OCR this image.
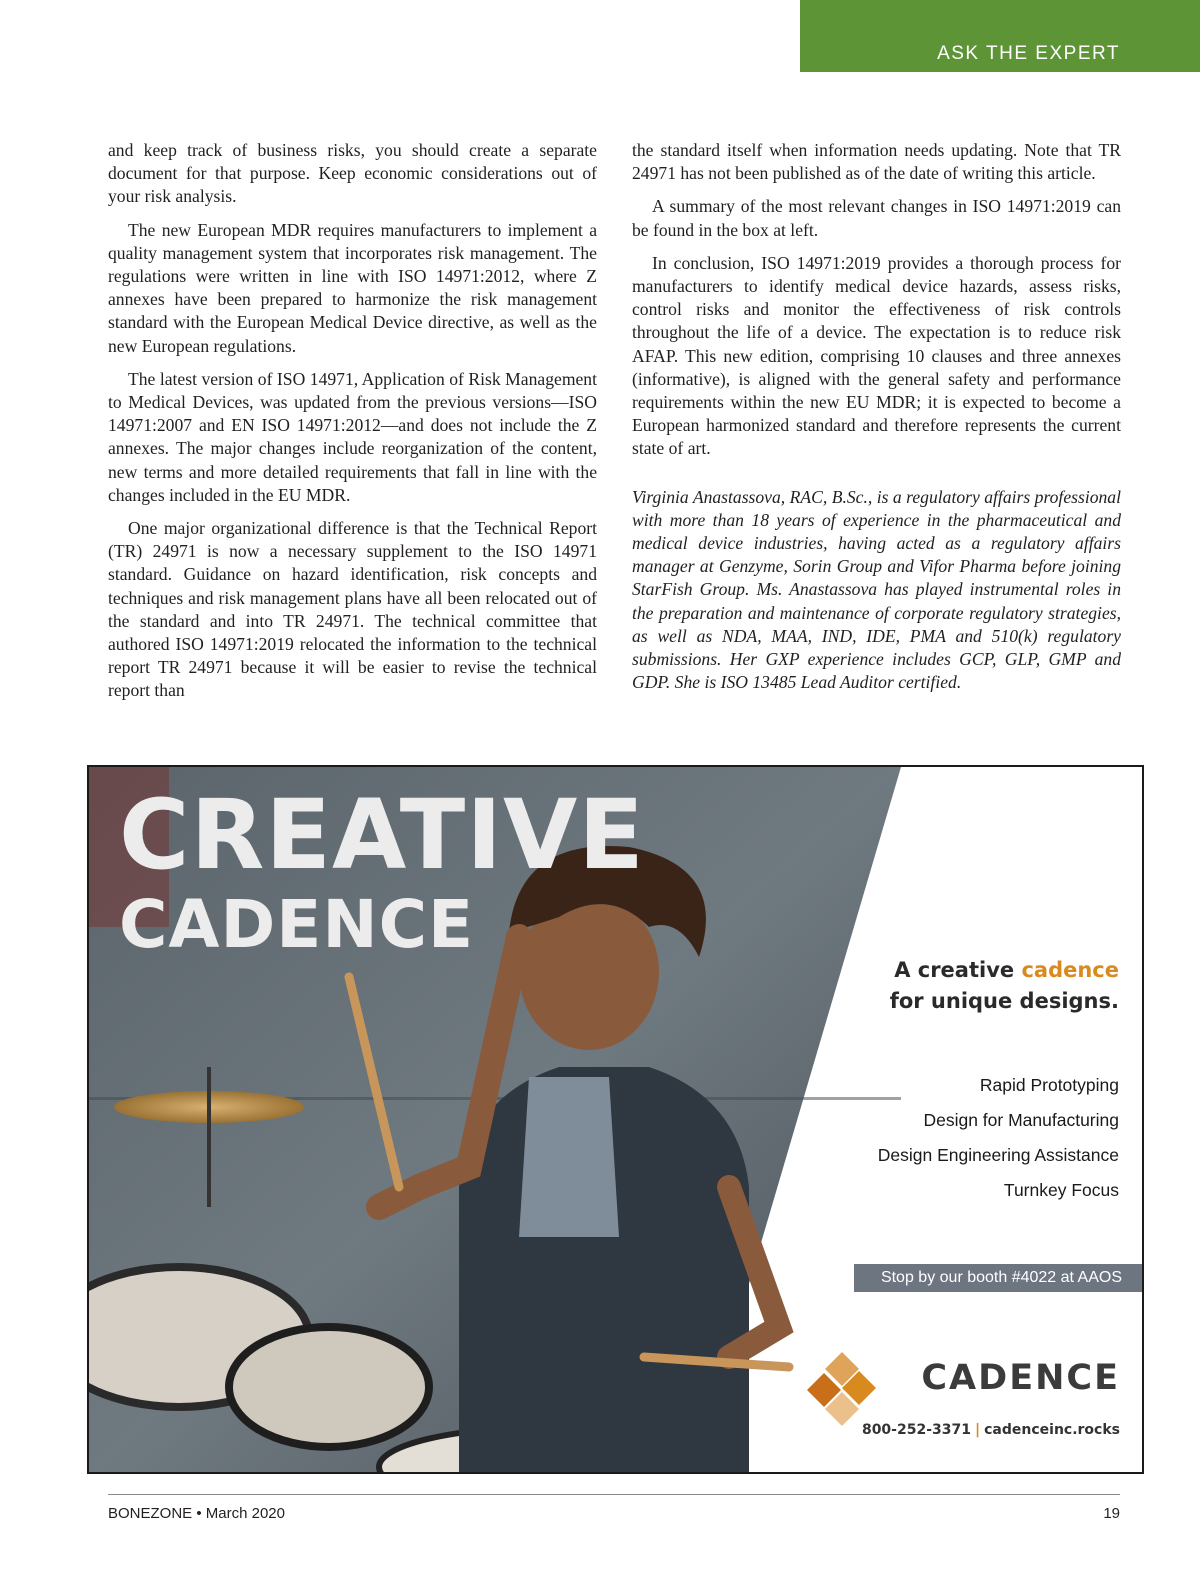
ASK THE EXPERT

and keep track of business risks, you should create a separate document for that purpose. Keep economic considerations out of your risk analysis.

The new European MDR requires manufacturers to implement a quality management system that incorporates risk management. The regulations were written in line with ISO 14971:2012, where Z annexes have been prepared to harmonize the risk management standard with the European Medical Device directive, as well as the new European regulations.

The latest version of ISO 14971, Application of Risk Management to Medical Devices, was updated from the previous versions—ISO 14971:2007 and EN ISO 14971:2012—and does not include the Z annexes. The major changes include reorganization of the content, new terms and more detailed requirements that fall in line with the changes included in the EU MDR.

One major organizational difference is that the Technical Report (TR) 24971 is now a necessary supplement to the ISO 14971 standard. Guidance on hazard identification, risk concepts and techniques and risk management plans have all been relocated out of the standard and into TR 24971. The technical committee that authored ISO 14971:2019 relocated the information to the technical report TR 24971 because it will be easier to revise the technical report than

the standard itself when information needs updating. Note that TR 24971 has not been published as of the date of writing this article.

A summary of the most relevant changes in ISO 14971:2019 can be found in the box at left.

In conclusion, ISO 14971:2019 provides a thorough process for manufacturers to identify medical device hazards, assess risks, control risks and monitor the effectiveness of risk controls throughout the life of a device. The expectation is to reduce risk AFAP. This new edition, comprising 10 clauses and three annexes (informative), is aligned with the general safety and performance requirements within the new EU MDR; it is expected to become a European harmonized standard and therefore represents the current state of art.

Virginia Anastassova, RAC, B.Sc., is a regulatory affairs professional with more than 18 years of experience in the pharmaceutical and medical device industries, having acted as a regulatory affairs manager at Genzyme, Sorin Group and Vifor Pharma before joining StarFish Group. Ms. Anastassova has played instrumental roles in the preparation and maintenance of corporate regulatory strategies, as well as NDA, MAA, IND, IDE, PMA and 510(k) regulatory submissions. Her GXP experience includes GCP, GLP, GMP and GDP. She is ISO 13485 Lead Auditor certified.

CREATIVE
CADENCE
A creative cadence
for unique designs.
Rapid Prototyping
Design for Manufacturing
Design Engineering Assistance
Turnkey Focus
Stop by our booth #4022 at AAOS
CADENCE
800-252-3371 | cadenceinc.rocks
BONEZONE • March 2020	19
